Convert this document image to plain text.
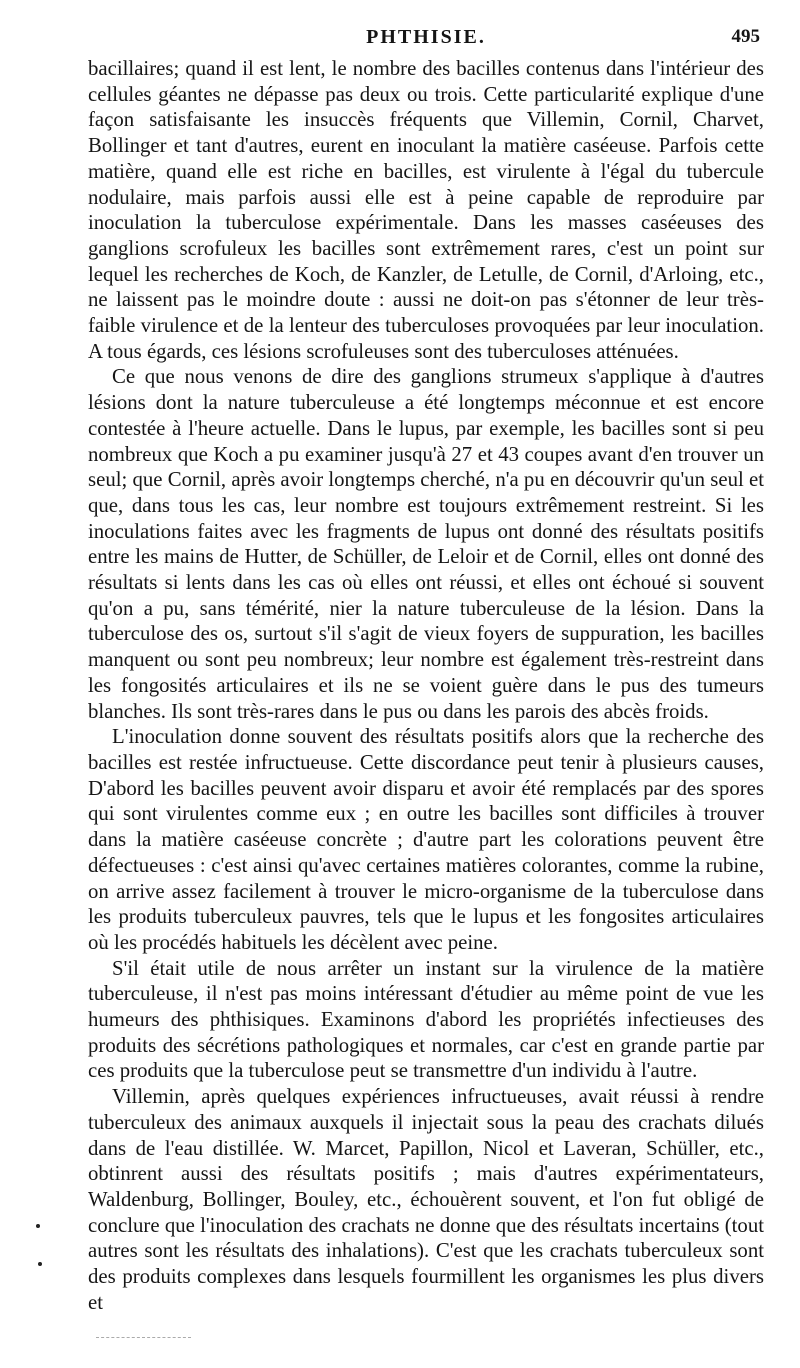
PHTHISIE.	495

bacillaires; quand il est lent, le nombre des bacilles contenus dans l'intérieur des cellules géantes ne dépasse pas deux ou trois. Cette particularité explique d'une façon satisfaisante les insuccès fréquents que Villemin, Cornil, Charvet, Bollinger et tant d'autres, eurent en inoculant la matière caséeuse. Parfois cette matière, quand elle est riche en bacilles, est virulente à l'égal du tubercule nodulaire, mais parfois aussi elle est à peine capable de reproduire par inoculation la tuberculose expérimentale. Dans les masses caséeuses des ganglions scrofuleux les bacilles sont extrêmement rares, c'est un point sur lequel les recherches de Koch, de Kanzler, de Letulle, de Cornil, d'Arloing, etc., ne laissent pas le moindre doute : aussi ne doit-on pas s'étonner de leur très-faible virulence et de la lenteur des tuberculoses provoquées par leur inoculation. A tous égards, ces lésions scrofuleuses sont des tuberculoses atténuées.

Ce que nous venons de dire des ganglions strumeux s'applique à d'autres lésions dont la nature tuberculeuse a été longtemps méconnue et est encore contestée à l'heure actuelle. Dans le lupus, par exemple, les bacilles sont si peu nombreux que Koch a pu examiner jusqu'à 27 et 43 coupes avant d'en trouver un seul; que Cornil, après avoir longtemps cherché, n'a pu en découvrir qu'un seul et que, dans tous les cas, leur nombre est toujours extrêmement restreint. Si les inoculations faites avec les fragments de lupus ont donné des résultats positifs entre les mains de Hutter, de Schüller, de Leloir et de Cornil, elles ont donné des résultats si lents dans les cas où elles ont réussi, et elles ont échoué si souvent qu'on a pu, sans témérité, nier la nature tuberculeuse de la lésion. Dans la tuberculose des os, surtout s'il s'agit de vieux foyers de suppuration, les bacilles manquent ou sont peu nombreux; leur nombre est également très-restreint dans les fongosités articulaires et ils ne se voient guère dans le pus des tumeurs blanches. Ils sont très-rares dans le pus ou dans les parois des abcès froids.

L'inoculation donne souvent des résultats positifs alors que la recherche des bacilles est restée infructueuse. Cette discordance peut tenir à plusieurs causes, D'abord les bacilles peuvent avoir disparu et avoir été remplacés par des spores qui sont virulentes comme eux ; en outre les bacilles sont difficiles à trouver dans la matière caséeuse concrète ; d'autre part les colorations peuvent être défectueuses : c'est ainsi qu'avec certaines matières colorantes, comme la rubine, on arrive assez facilement à trouver le micro-organisme de la tuberculose dans les produits tuberculeux pauvres, tels que le lupus et les fongosites articulaires où les procédés habituels les décèlent avec peine.

S'il était utile de nous arrêter un instant sur la virulence de la matière tuberculeuse, il n'est pas moins intéressant d'étudier au même point de vue les humeurs des phthisiques. Examinons d'abord les propriétés infectieuses des produits des sécrétions pathologiques et normales, car c'est en grande partie par ces produits que la tuberculose peut se transmettre d'un individu à l'autre.

Villemin, après quelques expériences infructueuses, avait réussi à rendre tuberculeux des animaux auxquels il injectait sous la peau des crachats dilués dans de l'eau distillée. W. Marcet, Papillon, Nicol et Laveran, Schüller, etc., obtinrent aussi des résultats positifs ; mais d'autres expérimentateurs, Waldenburg, Bollinger, Bouley, etc., échouèrent souvent, et l'on fut obligé de conclure que l'inoculation des crachats ne donne que des résultats incertains (tout autres sont les résultats des inhalations). C'est que les crachats tuberculeux sont des produits complexes dans lesquels fourmillent les organismes les plus divers et
